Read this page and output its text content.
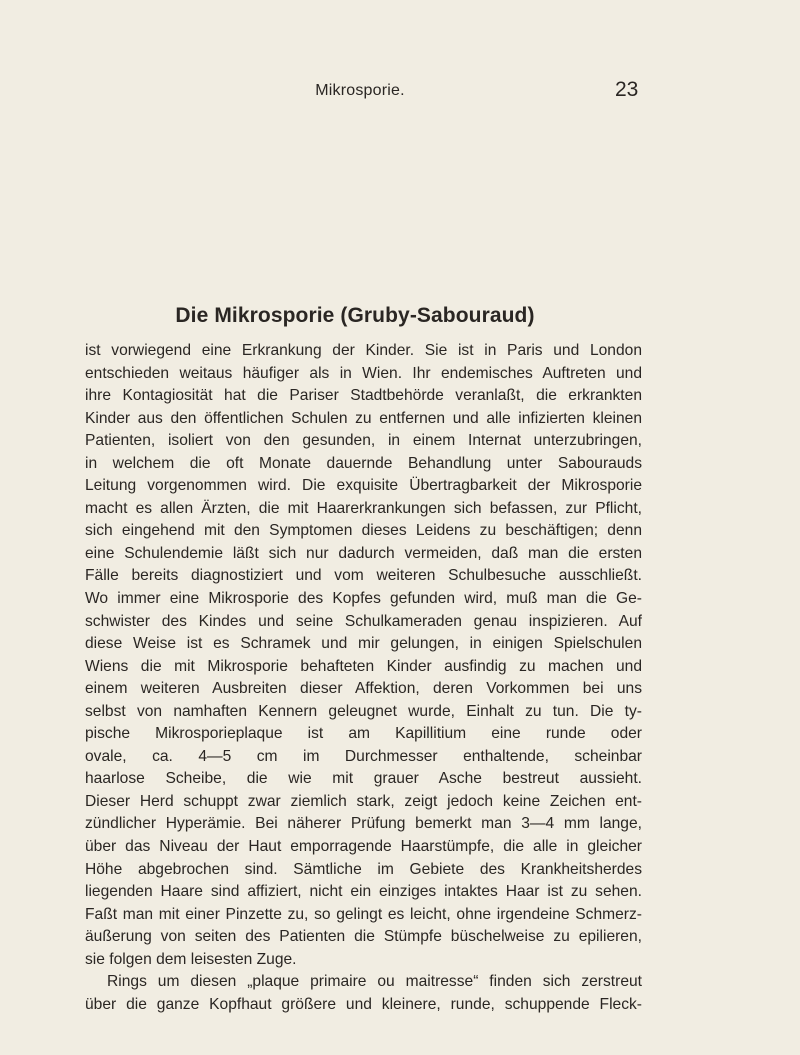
Mikrosporie.	23
Die Mikrosporie (Gruby-Sabouraud)
ist vorwiegend eine Erkrankung der Kinder. Sie ist in Paris und London
entschieden weitaus häufiger als in Wien. Ihr endemisches Auftreten und
ihre Kontagiosität hat die Pariser Stadtbehörde veranlaßt, die erkrankten
Kinder aus den öffentlichen Schulen zu entfernen und alle infizierten kleinen
Patienten, isoliert von den gesunden, in einem Internat unterzubringen,
in welchem die oft Monate dauernde Behandlung unter Sabourauds
Leitung vorgenommen wird. Die exquisite Übertragbarkeit der Mikrosporie
macht es allen Ärzten, die mit Haarerkrankungen sich befassen, zur Pflicht,
sich eingehend mit den Symptomen dieses Leidens zu beschäftigen; denn
eine Schulendemie läßt sich nur dadurch vermeiden, daß man die ersten
Fälle bereits diagnostiziert und vom weiteren Schulbesuche ausschließt.
Wo immer eine Mikrosporie des Kopfes gefunden wird, muß man die Ge-
schwister des Kindes und seine Schulkameraden genau inspizieren. Auf
diese Weise ist es Schramek und mir gelungen, in einigen Spielschulen
Wiens die mit Mikrosporie behafteten Kinder ausfindig zu machen und
einem weiteren Ausbreiten dieser Affektion, deren Vorkommen bei uns
selbst von namhaften Kennern geleugnet wurde, Einhalt zu tun. Die ty-
pische Mikrosporieplaque ist am Kapillitium eine runde oder
ovale, ca. 4—5 cm im Durchmesser enthaltende, scheinbar
haarlose Scheibe, die wie mit grauer Asche bestreut aussieht.
Dieser Herd schuppt zwar ziemlich stark, zeigt jedoch keine Zeichen ent-
zündlicher Hyperämie. Bei näherer Prüfung bemerkt man 3—4 mm lange,
über das Niveau der Haut emporragende Haarstümpfe, die alle in gleicher
Höhe abgebrochen sind. Sämtliche im Gebiete des Krankheitsherdes
liegenden Haare sind affiziert, nicht ein einziges intaktes Haar ist zu sehen.
Faßt man mit einer Pinzette zu, so gelingt es leicht, ohne irgendeine Schmerz-
äußerung von seiten des Patienten die Stümpfe büschelweise zu epilieren,
sie folgen dem leisesten Zuge.
Rings um diesen „plaque primaire ou maitresse“ finden sich zerstreut
über die ganze Kopfhaut größere und kleinere, runde, schuppende Fleck-
